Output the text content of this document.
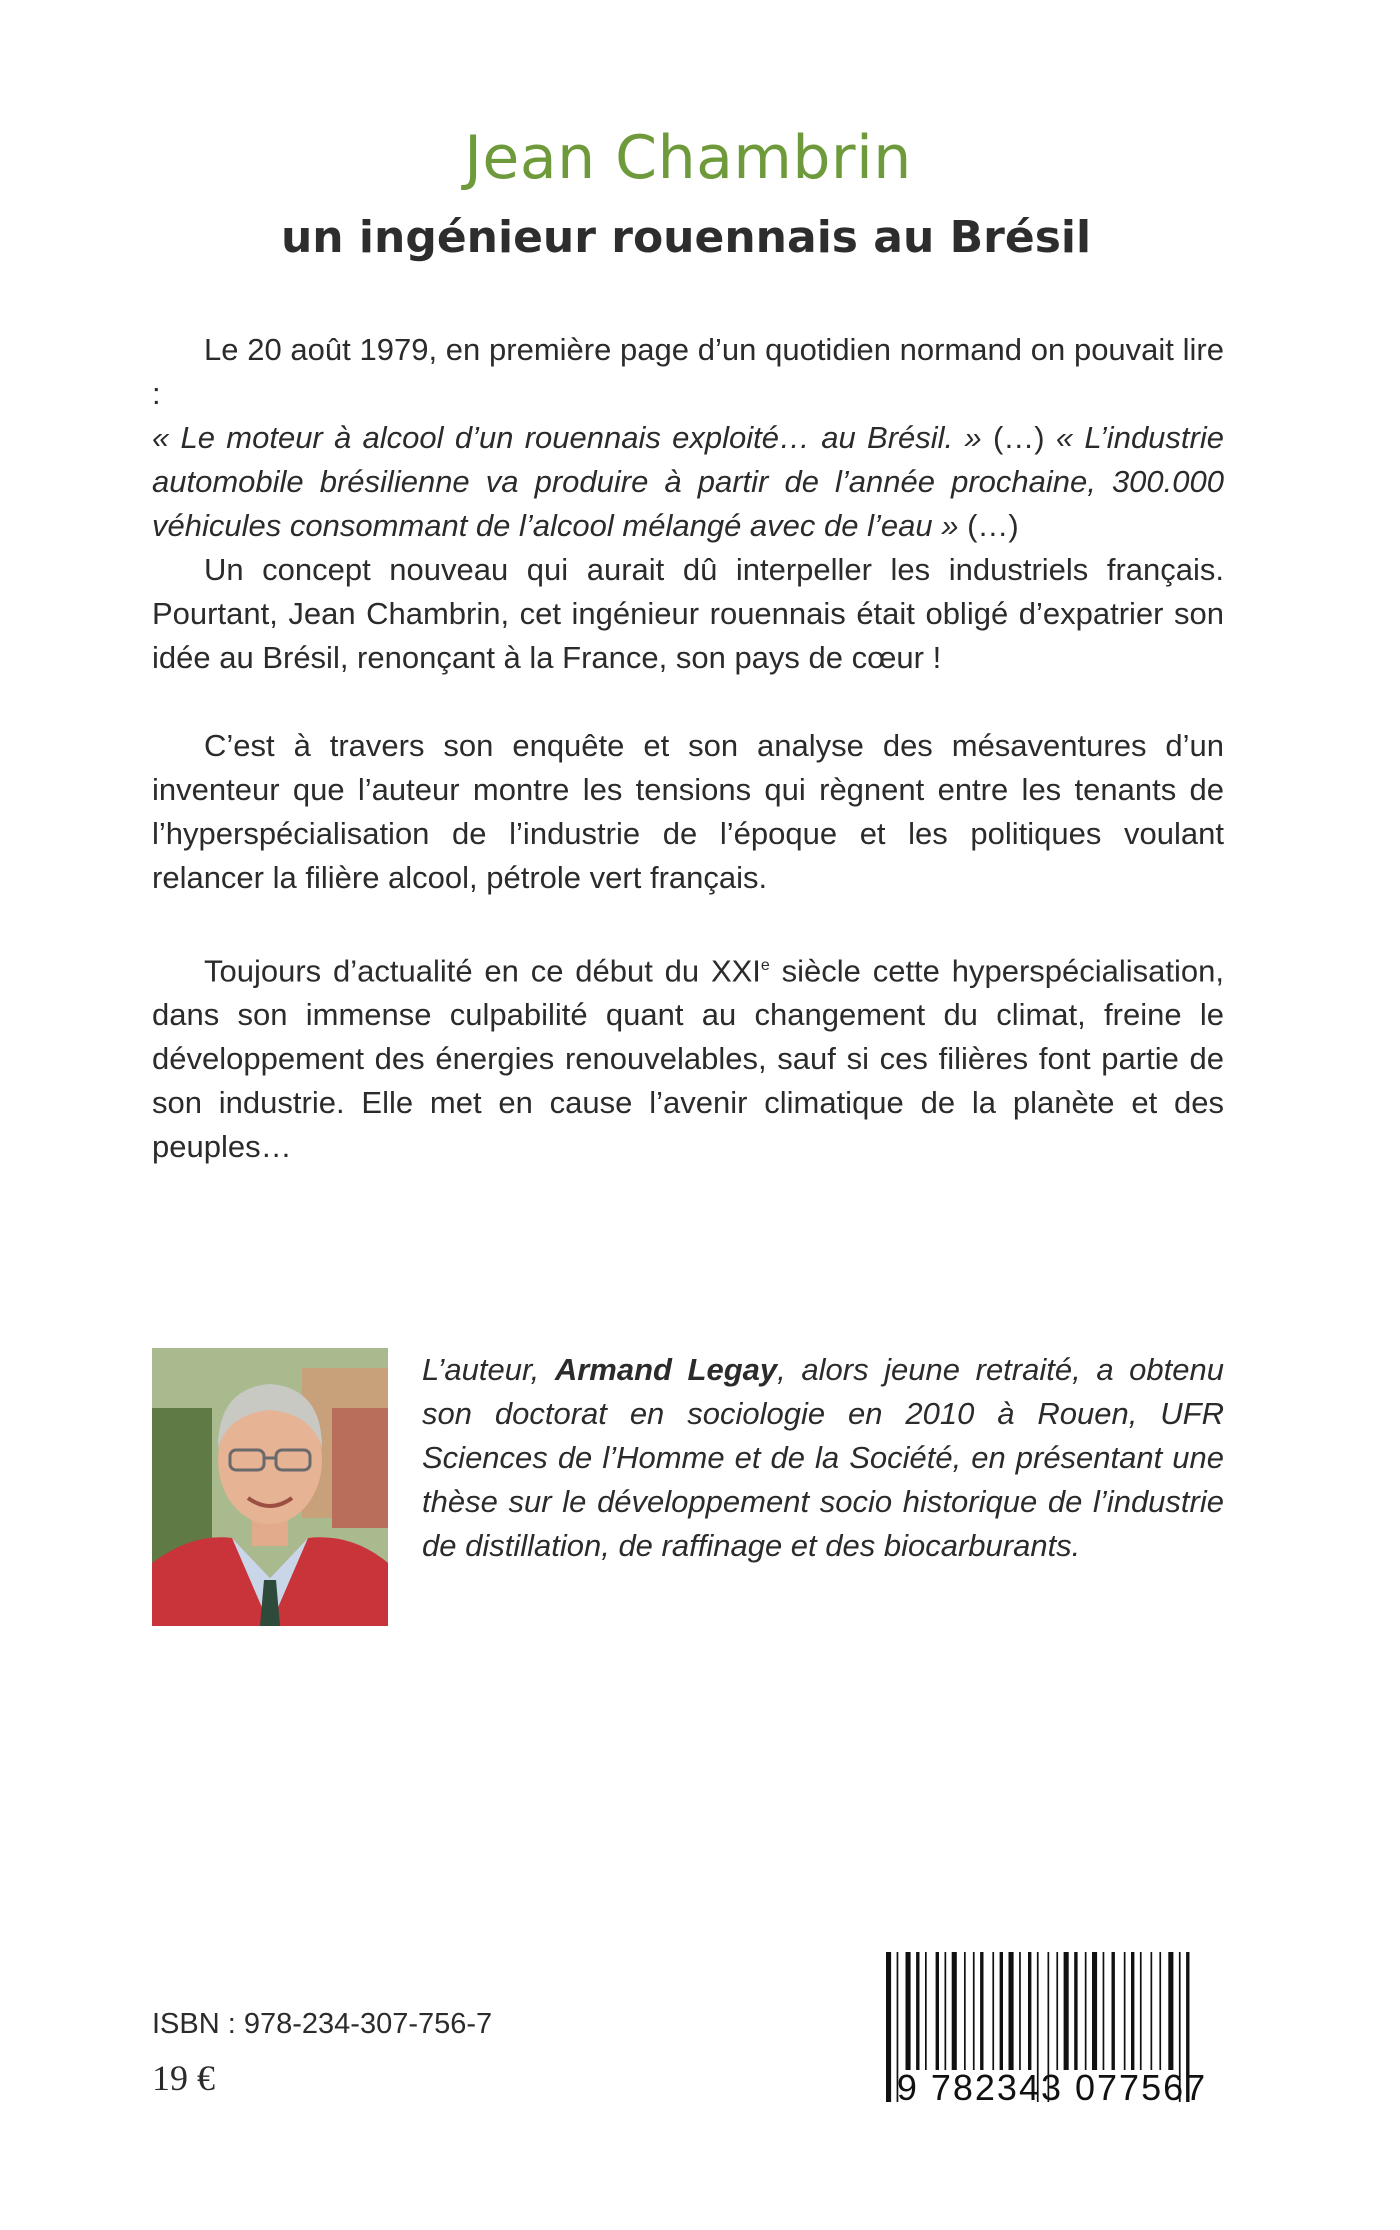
Jean Chambrin
un ingénieur rouennais au Brésil

Le 20 août 1979, en première page d’un quotidien normand on pouvait lire :
« Le moteur à alcool d’un rouennais exploité… au Brésil. » (…) « L’industrie automobile brésilienne va produire à partir de l’année prochaine, 300.000 véhicules consommant de l’alcool mélangé avec de l’eau » (…)

Un concept nouveau qui aurait dû interpeller les industriels français. Pourtant, Jean Chambrin, cet ingénieur rouennais était obligé d’expatrier son idée au Brésil, renonçant à la France, son pays de cœur !

C’est à travers son enquête et son analyse des mésaventures d’un inventeur que l’auteur montre les tensions qui règnent entre les tenants de l’hyperspécialisation de l’industrie de l’époque et les politiques voulant relancer la filière alcool, pétrole vert français.

Toujours d’actualité en ce début du XXIe siècle cette hyperspécialisation, dans son immense culpabilité quant au changement du climat, freine le développement des énergies renouvelables, sauf si ces filières font partie de son industrie. Elle met en cause l’avenir climatique de la planète et des peuples…

L’auteur, Armand Legay, alors jeune retraité, a obtenu son doctorat en sociologie en 2010 à Rouen, UFR Sciences de l’Homme et de la Société, en présentant une thèse sur le développement socio historique de l’industrie de distillation, de raffinage et des biocarburants.
ISBN : 978-234-307-756-7
19 €	9 782343 077567
